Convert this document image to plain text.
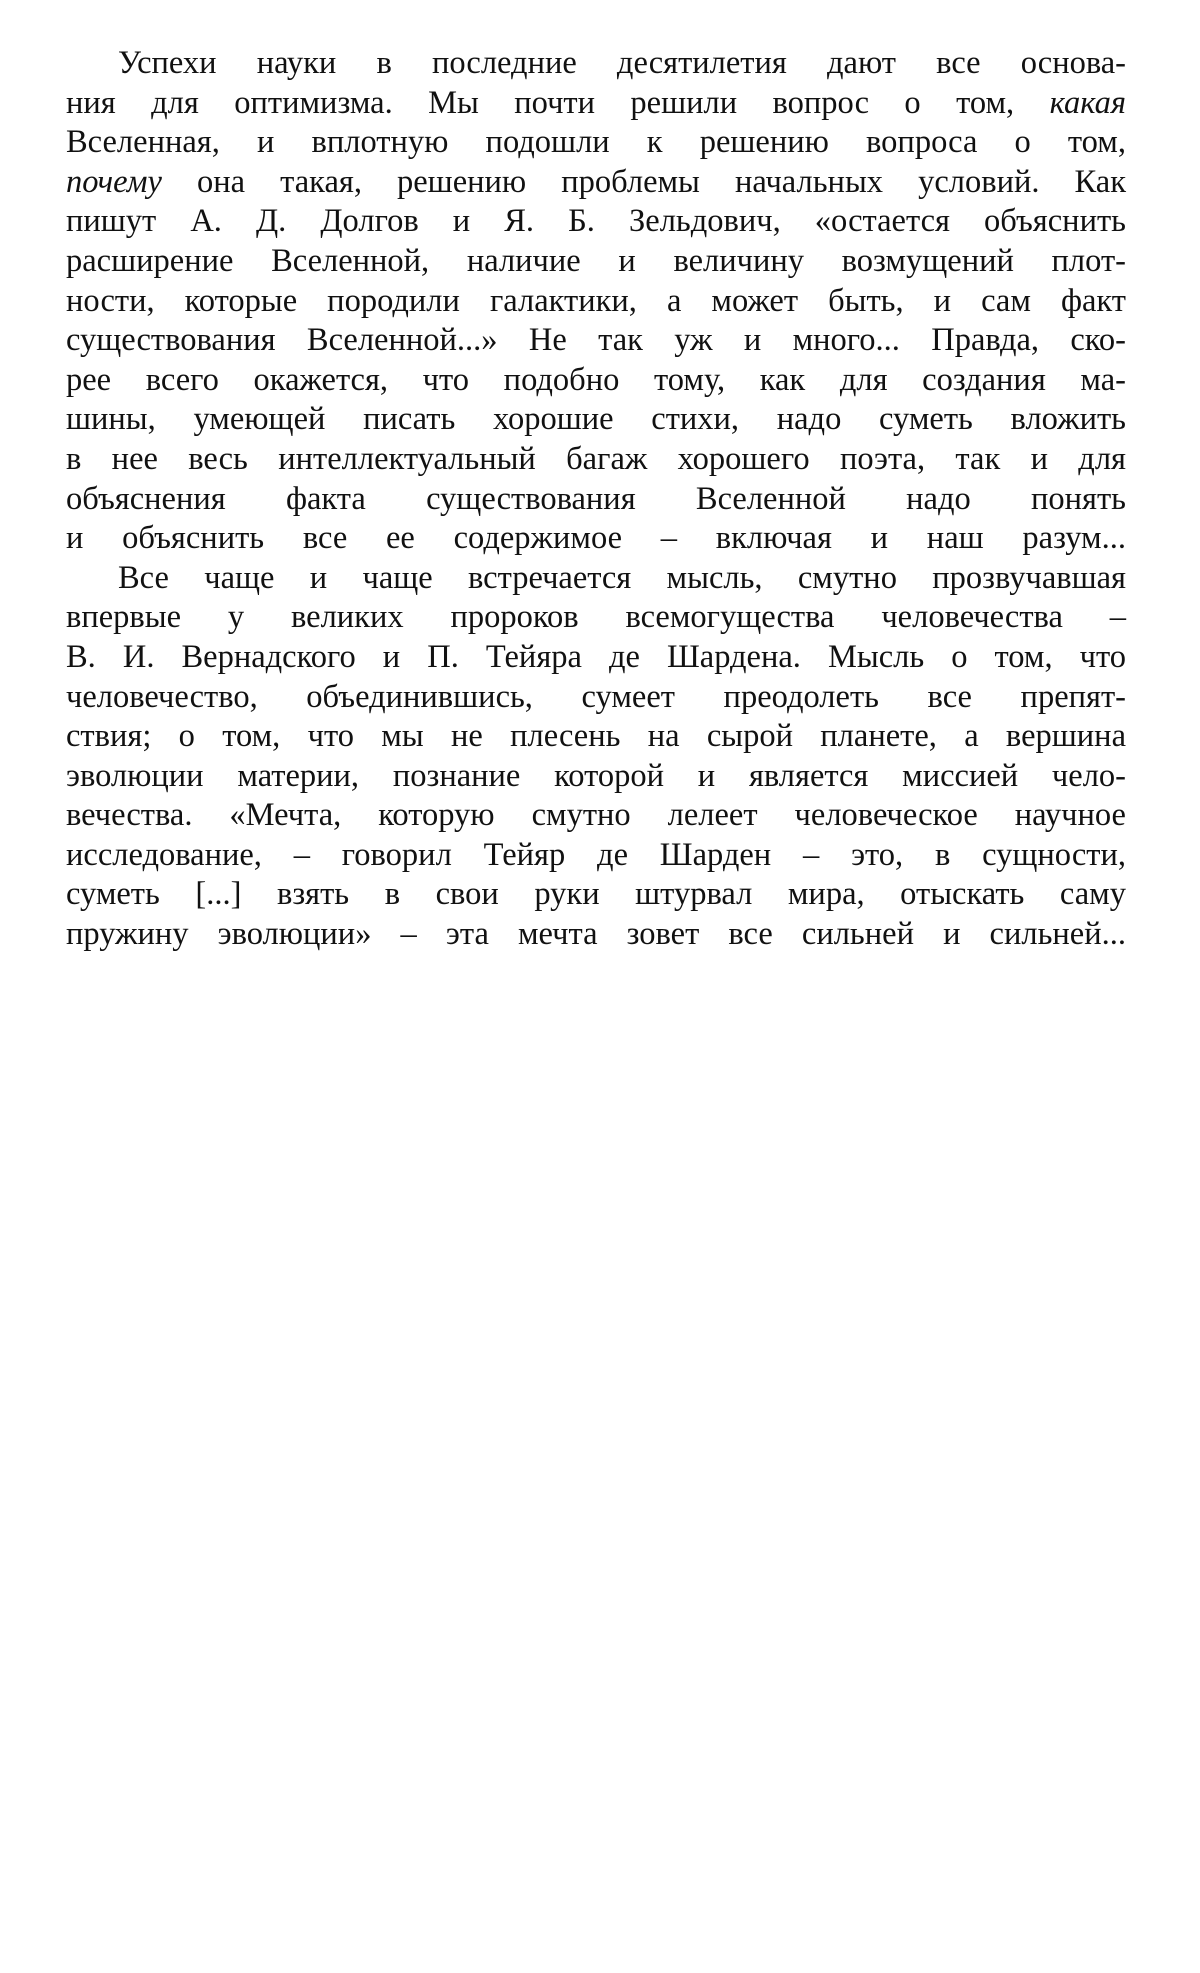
Успехи науки в последние десятилетия дают все основа-
ния для оптимизма. Мы почти решили вопрос о том, какая
Вселенная, и вплотную подошли к решению вопроса о том,
почему она такая, решению проблемы начальных условий. Как
пишут А. Д. Долгов и Я. Б. Зельдович, «остается объяснить
расширение Вселенной, наличие и величину возмущений плот-
ности, которые породили галактики, а может быть, и сам факт
существования Вселенной...» Не так уж и много... Правда, ско-
рее всего окажется, что подобно тому, как для создания ма-
шины, умеющей писать хорошие стихи, надо суметь вложить
в нее весь интеллектуальный багаж хорошего поэта, так и для
объяснения факта существования Вселенной надо понять
и объяснить все ее содержимое – включая и наш разум...
Все чаще и чаще встречается мысль, смутно прозвучавшая
впервые у великих пророков всемогущества человечества –
В. И. Вернадского и П. Тейяра де Шардена. Мысль о том, что
человечество, объединившись, сумеет преодолеть все препят-
ствия; о том, что мы не плесень на сырой планете, а вершина
эволюции материи, познание которой и является миссией чело-
вечества. «Мечта, которую смутно лелеет человеческое научное
исследование, – говорил Тейяр де Шарден – это, в сущности,
суметь [...] взять в свои руки штурвал мира, отыскать саму
пружину эволюции» – эта мечта зовет все сильней и сильней...
